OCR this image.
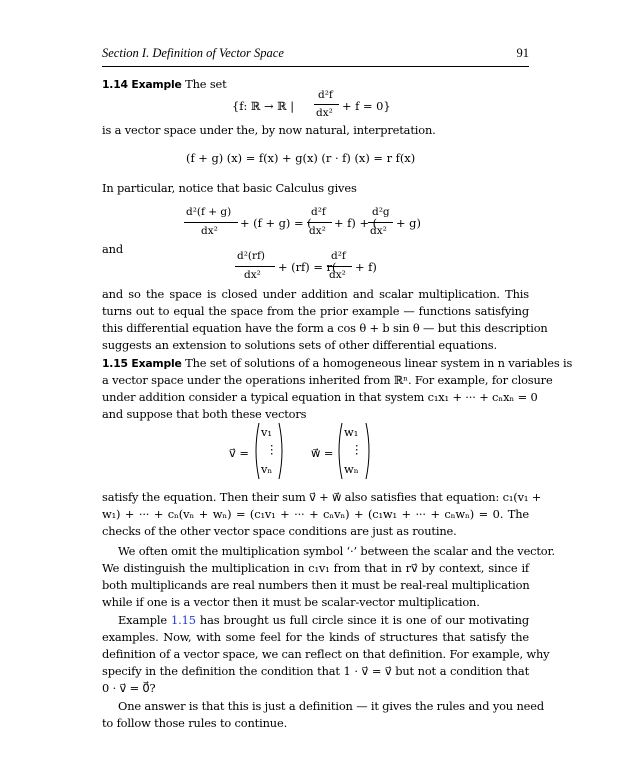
Section I. Definition of Vector Space	91
1.14 Example The set
{f: ℝ → ℝ |
d²f
dx² + f = 0}
is a vector space under the, by now natural, interpretation.
(f + g) (x) = f(x) + g(x) (r · f) (x) = r f(x)
In particular, notice that basic Calculus gives
d²(f + g)
dx²
+ (f + g) = (
d²f
dx²
+ f) + (
d²g
dx²
+ g)
and	d²(rf)
dx²
+ (rf) = r(
d²f
dx²
+ f)
and so the space is closed under addition and scalar multiplication. This
turns out to equal the space from the prior example — functions satisfying
this differential equation have the form a cos θ + b sin θ — but this description
suggests an extension to solutions sets of other differential equations.
1.15 Example The set of solutions of a homogeneous linear system in n variables is
a vector space under the operations inherited from ℝⁿ. For example, for closure
under addition consider a typical equation in that system c₁x₁ + ··· + cₙxₙ = 0
and suppose that both these vectors
v⃗ =
v₁
⋮
vₙ
w⃗ =
w₁
⋮
wₙ
satisfy the equation. Then their sum v⃗ + w⃗ also satisfies that equation: c₁(v₁ +
w₁) + ··· + cₙ(vₙ + wₙ) = (c₁v₁ + ··· + cₙvₙ) + (c₁w₁ + ··· + cₙwₙ) = 0. The
checks of the other vector space conditions are just as routine.
We often omit the multiplication symbol ‘·’ between the scalar and the vector.
We distinguish the multiplication in c₁v₁ from that in rv⃗ by context, since if
both multiplicands are real numbers then it must be real-real multiplication
while if one is a vector then it must be scalar-vector multiplication.
Example 1.15 has brought us full circle since it is one of our motivating
examples. Now, with some feel for the kinds of structures that satisfy the
definition of a vector space, we can reflect on that definition. For example, why
specify in the definition the condition that 1 · v⃗ = v⃗ but not a condition that
0 · v⃗ = 0⃗?
One answer is that this is just a definition — it gives the rules and you need
to follow those rules to continue.
